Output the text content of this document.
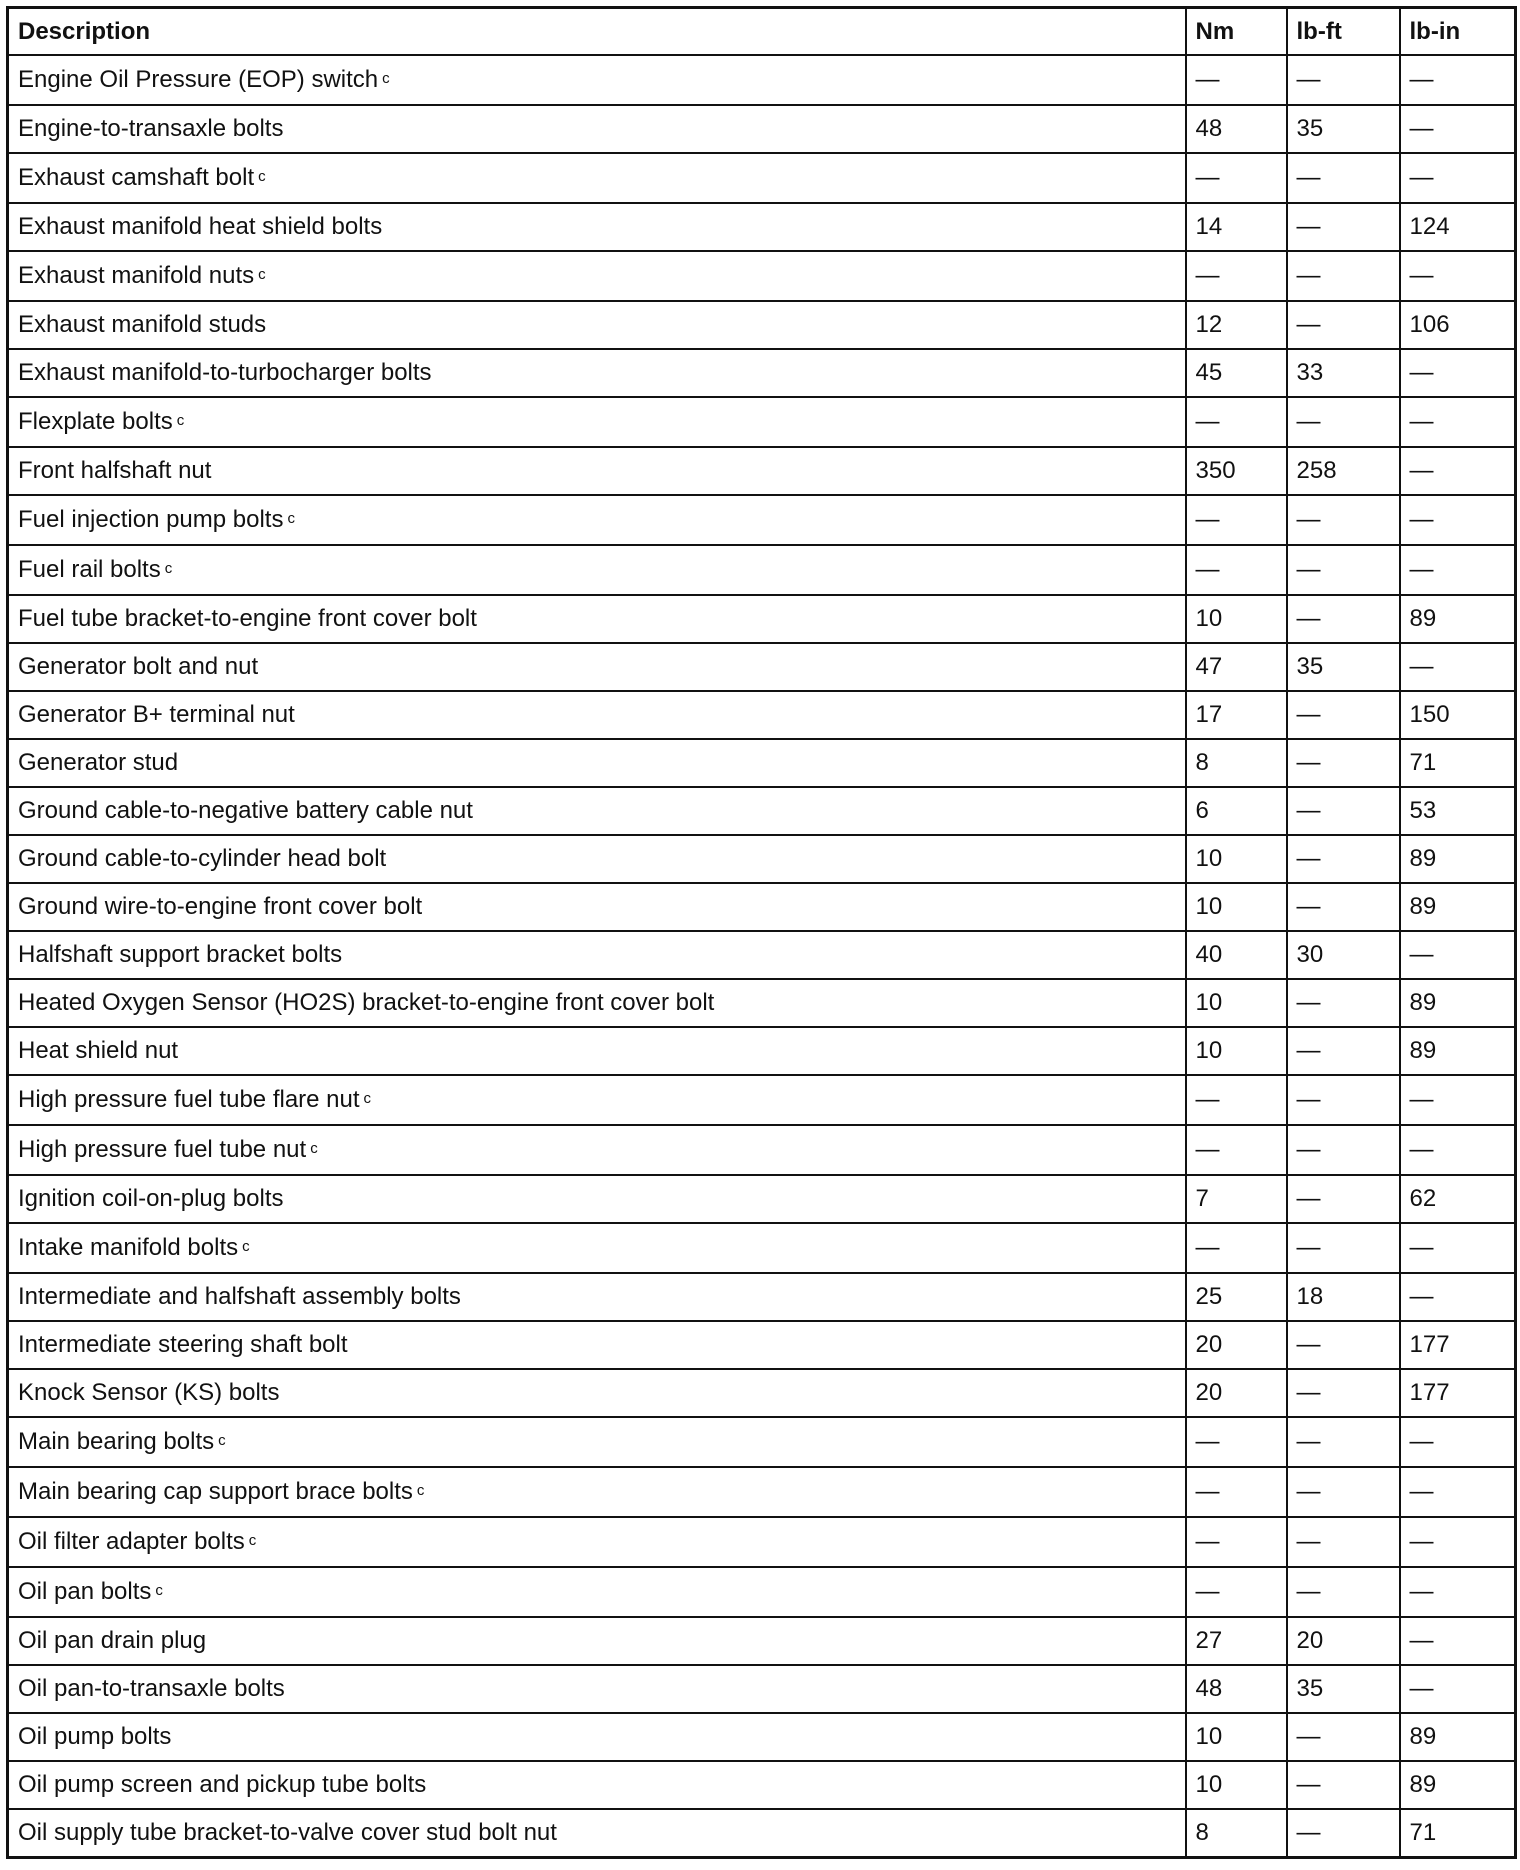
Description	Nm	lb-ft	lb-in
Engine Oil Pressure (EOP) switch $^c$	—	—	—
Engine-to-transaxle bolts	48	35	—
Exhaust camshaft bolt $^c$	—	—	—
Exhaust manifold heat shield bolts	14	—	124
Exhaust manifold nuts $^c$	—	—	—
Exhaust manifold studs	12	—	106
Exhaust manifold-to-turbocharger bolts	45	33	—
Flexplate bolts $^c$	—	—	—
Front halfshaft nut	350	258	—
Fuel injection pump bolts $^c$	—	—	—
Fuel rail bolts $^c$	—	—	—
Fuel tube bracket-to-engine front cover bolt	10	—	89
Generator bolt and nut	47	35	—
Generator B+ terminal nut	17	—	150
Generator stud	8	—	71
Ground cable-to-negative battery cable nut	6	—	53
Ground cable-to-cylinder head bolt	10	—	89
Ground wire-to-engine front cover bolt	10	—	89
Halfshaft support bracket bolts	40	30	—
Heated Oxygen Sensor (HO2S) bracket-to-engine front cover bolt	10	—	89
Heat shield nut	10	—	89
High pressure fuel tube flare nut $^c$	—	—	—
High pressure fuel tube nut $^c$	—	—	—
Ignition coil-on-plug bolts	7	—	62
Intake manifold bolts $^c$	—	—	—
Intermediate and halfshaft assembly bolts	25	18	—
Intermediate steering shaft bolt	20	—	177
Knock Sensor (KS) bolts	20	—	177
Main bearing bolts $^c$	—	—	—
Main bearing cap support brace bolts $^c$	—	—	—
Oil filter adapter bolts $^c$	—	—	—
Oil pan bolts $^c$	—	—	—
Oil pan drain plug	27	20	—
Oil pan-to-transaxle bolts	48	35	—
Oil pump bolts	10	—	89
Oil pump screen and pickup tube bolts	10	—	89
Oil supply tube bracket-to-valve cover stud bolt nut	8	—	71
